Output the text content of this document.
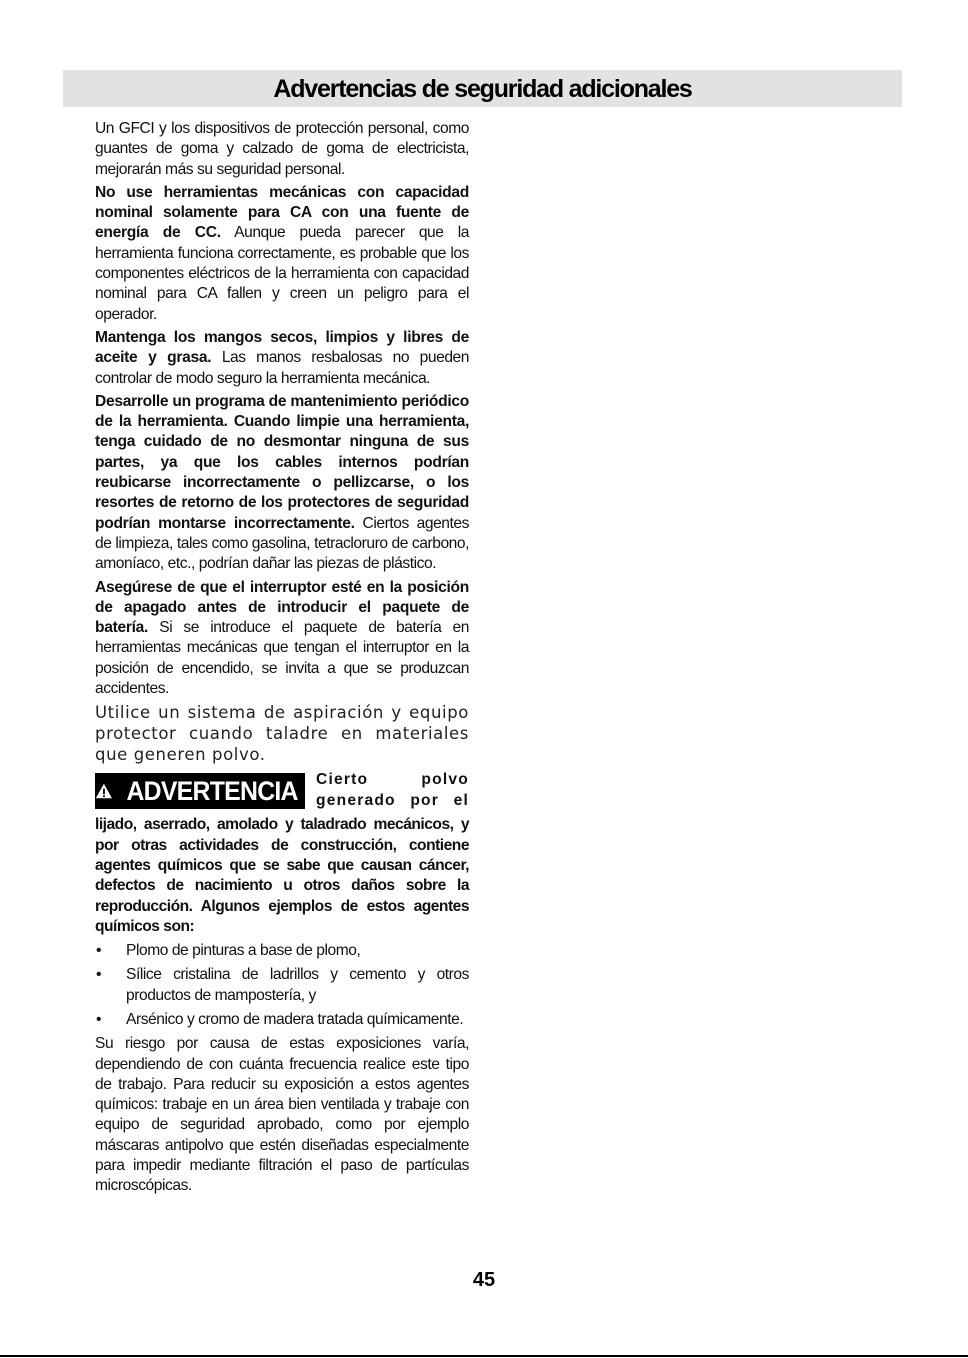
Advertencias de seguridad adicionales

Un GFCI y los dispositivos de protección personal, como guantes de goma y calzado de goma de electricista, mejorarán más su seguridad personal.

No use herramientas mecánicas con capacidad nominal solamente para CA con una fuente de energía de CC. Aunque pueda parecer que la herramienta funciona correctamente, es probable que los componentes eléctricos de la herramienta con capacidad nominal para CA fallen y creen un peligro para el operador.

Mantenga los mangos secos, limpios y libres de aceite y grasa. Las manos resbalosas no pueden controlar de modo seguro la herramienta mecánica.

Desarrolle un programa de mantenimiento periódico de la herramienta. Cuando limpie una herramienta, tenga cuidado de no desmontar ninguna de sus partes, ya que los cables internos podrían reubicarse incorrectamente o pellizcarse, o los resortes de retorno de los protectores de seguridad podrían montarse incorrectamente. Ciertos agentes de limpieza, tales como gasolina, tetracloruro de carbono, amoníaco, etc., podrían dañar las piezas de plástico.

Asegúrese de que el interruptor esté en la posición de apagado antes de introducir el paquete de batería. Si se introduce el paquete de batería en herramientas mecánicas que tengan el interruptor en la posición de encendido, se invita a que se produzcan accidentes.

Utilice un sistema de aspiración y equipo protector cuando taladre en materiales que generen polvo.

ADVERTENCIA Cierto polvo
generado por el

lijado, aserrado, amolado y taladrado mecánicos, y por otras actividades de construcción, contiene agentes químicos que se sabe que causan cáncer, defectos de nacimiento u otros daños sobre la reproducción. Algunos ejemplos de estos agentes químicos son:

• Plomo de pinturas a base de plomo,
• Sílice cristalina de ladrillos y cemento y otros productos de mampostería, y
• Arsénico y cromo de madera tratada químicamente.

Su riesgo por causa de estas exposiciones varía, dependiendo de con cuánta frecuencia realice este tipo de trabajo. Para reducir su exposición a estos agentes químicos: trabaje en un área bien ventilada y trabaje con equipo de seguridad aprobado, como por ejemplo máscaras antipolvo que estén diseñadas especialmente para impedir mediante filtración el paso de partículas microscópicas.

45
